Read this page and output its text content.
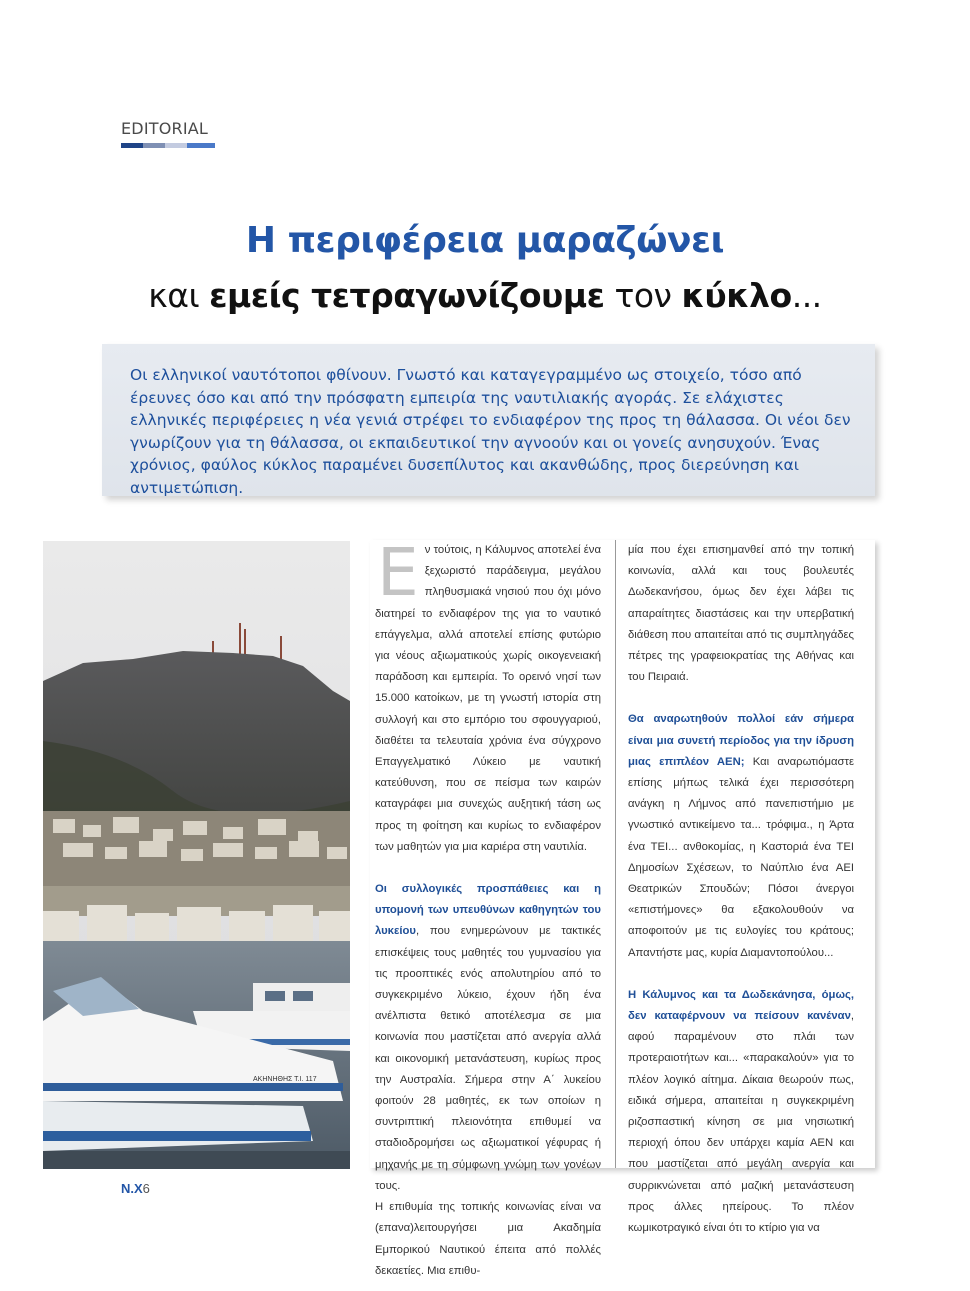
EDITORIAL
Η περιφέρεια μαραζώνει
και εμείς τετραγωνίζουμε τον κύκλο...
Οι ελληνικοί ναυτότοποι φθίνουν. Γνωστό και καταγεγραμμένο ως στοιχείο, τόσο από έρευνες όσο και από την πρόσφατη εμπειρία της ναυτιλιακής αγοράς. Σε ελάχιστες ελληνικές περιφέρειες η νέα γενιά στρέφει το ενδιαφέρον της προς τη θάλασσα. Οι νέοι δεν γνωρίζουν για τη θάλασσα, οι εκπαιδευτικοί την αγνοούν και οι γονείς ανησυχούν. Ένας χρόνιος, φαύλος κύκλος παραμένει δυσεπίλυτος και ακανθώδης, προς διερεύνηση και αντιμετώπιση.
ΑΚΗΝΗΘΗΣ Τ.Ι. 117
Ε ν τούτοις, η Κάλυμνος αποτελεί ένα ξεχωριστό παράδειγμα, μεγάλου πληθυσμιακά νησιού που όχι μόνο διατηρεί το ενδιαφέρον της για το ναυτικό επάγγελμα, αλλά αποτελεί επίσης φυτώριο για νέους αξιωματικούς χωρίς οικογενειακή παράδοση και εμπειρία. Το ορεινό νησί των 15.000 κατοίκων, με τη γνωστή ιστορία στη συλλογή και στο εμπόριο του σφουγγαριού, διαθέτει τα τελευταία χρόνια ένα σύγχρονο Επαγγελματικό Λύκειο με ναυτική κατεύθυνση, που σε πείσμα των καιρών καταγράφει μια συνεχώς αυξητική τάση ως προς τη φοίτηση και κυρίως το ενδιαφέρον των μαθητών για μια καριέρα στη ναυτιλία.

Οι συλλογικές προσπάθειες και η υπομονή των υπευθύνων καθηγητών του λυκείου, που ενημερώνουν με τακτικές επισκέψεις τους μαθητές του γυμνασίου για τις προοπτικές ενός απολυτηρίου από το συγκεκριμένο λύκειο, έχουν ήδη ένα ανέλπιστα θετικό αποτέλεσμα σε μια κοινωνία που μαστίζεται από ανεργία αλλά και οικονομική μετανάστευση, κυρίως προς την Αυστραλία. Σήμερα στην Α΄ λυκείου φοιτούν 28 μαθητές, εκ των οποίων η συντριπτική πλειονότητα επιθυμεί να σταδιοδρομήσει ως αξιωματικοί γέφυρας ή μηχανής με τη σύμφωνη γνώμη των γονέων τους.

Η επιθυμία της τοπικής κοινωνίας είναι να (επανα)λειτουργήσει μια Ακαδημία Εμπορικού Ναυτικού έπειτα από πολλές δεκαετίες. Μια επιθυ-

μία που έχει επισημανθεί από την τοπική κοινωνία, αλλά και τους βουλευτές Δωδεκανήσου, όμως δεν έχει λάβει τις απαραίτητες διαστάσεις και την υπερβατική διάθεση που απαιτείται από τις συμπληγάδες πέτρες της γραφειοκρατίας της Αθήνας και του Πειραιά.

Θα αναρωτηθούν πολλοί εάν σήμερα είναι μια συνετή περίοδος για την ίδρυση μιας επιπλέον ΑΕΝ; Και αναρωτιόμαστε επίσης μήπως τελικά έχει περισσότερη ανάγκη η Λήμνος από πανεπιστήμιο με γνωστικό αντικείμενο τα... τρόφιμα., η Άρτα ένα ΤΕΙ... ανθοκομίας, η Καστοριά ένα ΤΕΙ Δημοσίων Σχέσεων, το Ναύπλιο ένα ΑΕΙ Θεατρικών Σπουδών; Πόσοι άνεργοι «επιστήμονες» θα εξακολουθούν να αποφοιτούν με τις ευλογίες του κράτους; Απαντήστε μας, κυρία Διαμαντοπούλου...

Η Κάλυμνος και τα Δωδεκάνησα, όμως, δεν καταφέρνουν να πείσουν κανέναν, αφού παραμένουν στο πλάι των προτεραιοτήτων και... «παρακαλούν» για το πλέον λογικό αίτημα. Δίκαια θεωρούν πως, ειδικά σήμερα, απαιτείται η συγκεκριμένη ριζοσπαστική κίνηση σε μια νησιωτική περιοχή όπου δεν υπάρχει καμία ΑΕΝ και που μαστίζεται από μεγάλη ανεργία και συρρικνώνεται από μαζική μετανάστευση προς άλλες ηπείρους. Το πλέον κωμικοτραγικό είναι ότι το κτίριο για να

Ν.Χ6
